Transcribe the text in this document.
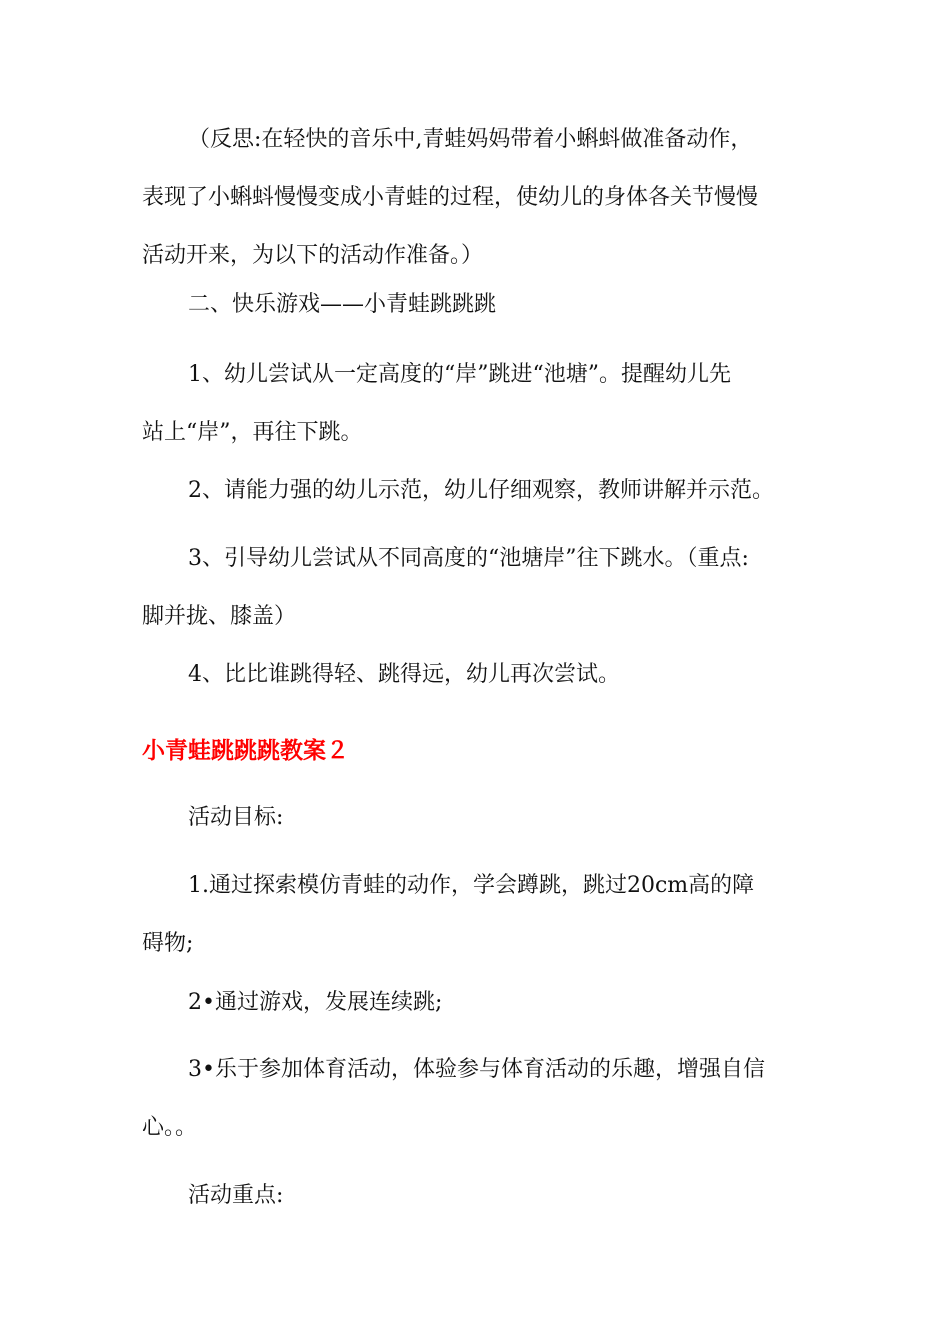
（反思:在轻快的音乐中,青蛙妈妈带着小蝌蚪做准备动作，
表现了小蝌蚪慢慢变成小青蛙的过程，使幼儿的身体各关节慢慢
活动开来，为以下的活动作准备。）

二、快乐游戏——小青蛙跳跳跳

1、幼儿尝试从一定高度的“岸”跳进“池塘”。提醒幼儿先
站上“岸”，再往下跳。

2、请能力强的幼儿示范，幼儿仔细观察，教师讲解并示范。

3、引导幼儿尝试从不同高度的“池塘岸”往下跳水。（重点:
脚并拢、膝盖）

4、比比谁跳得轻、跳得远，幼儿再次尝试。

小青蛙跳跳跳教案２

活动目标:

1.通过探索模仿青蛙的动作，学会蹲跳，跳过20cm高的障
碍物;

2•通过游戏，发展连续跳;

3•乐于参加体育活动，体验参与体育活动的乐趣，增强自信
心。。

活动重点:
